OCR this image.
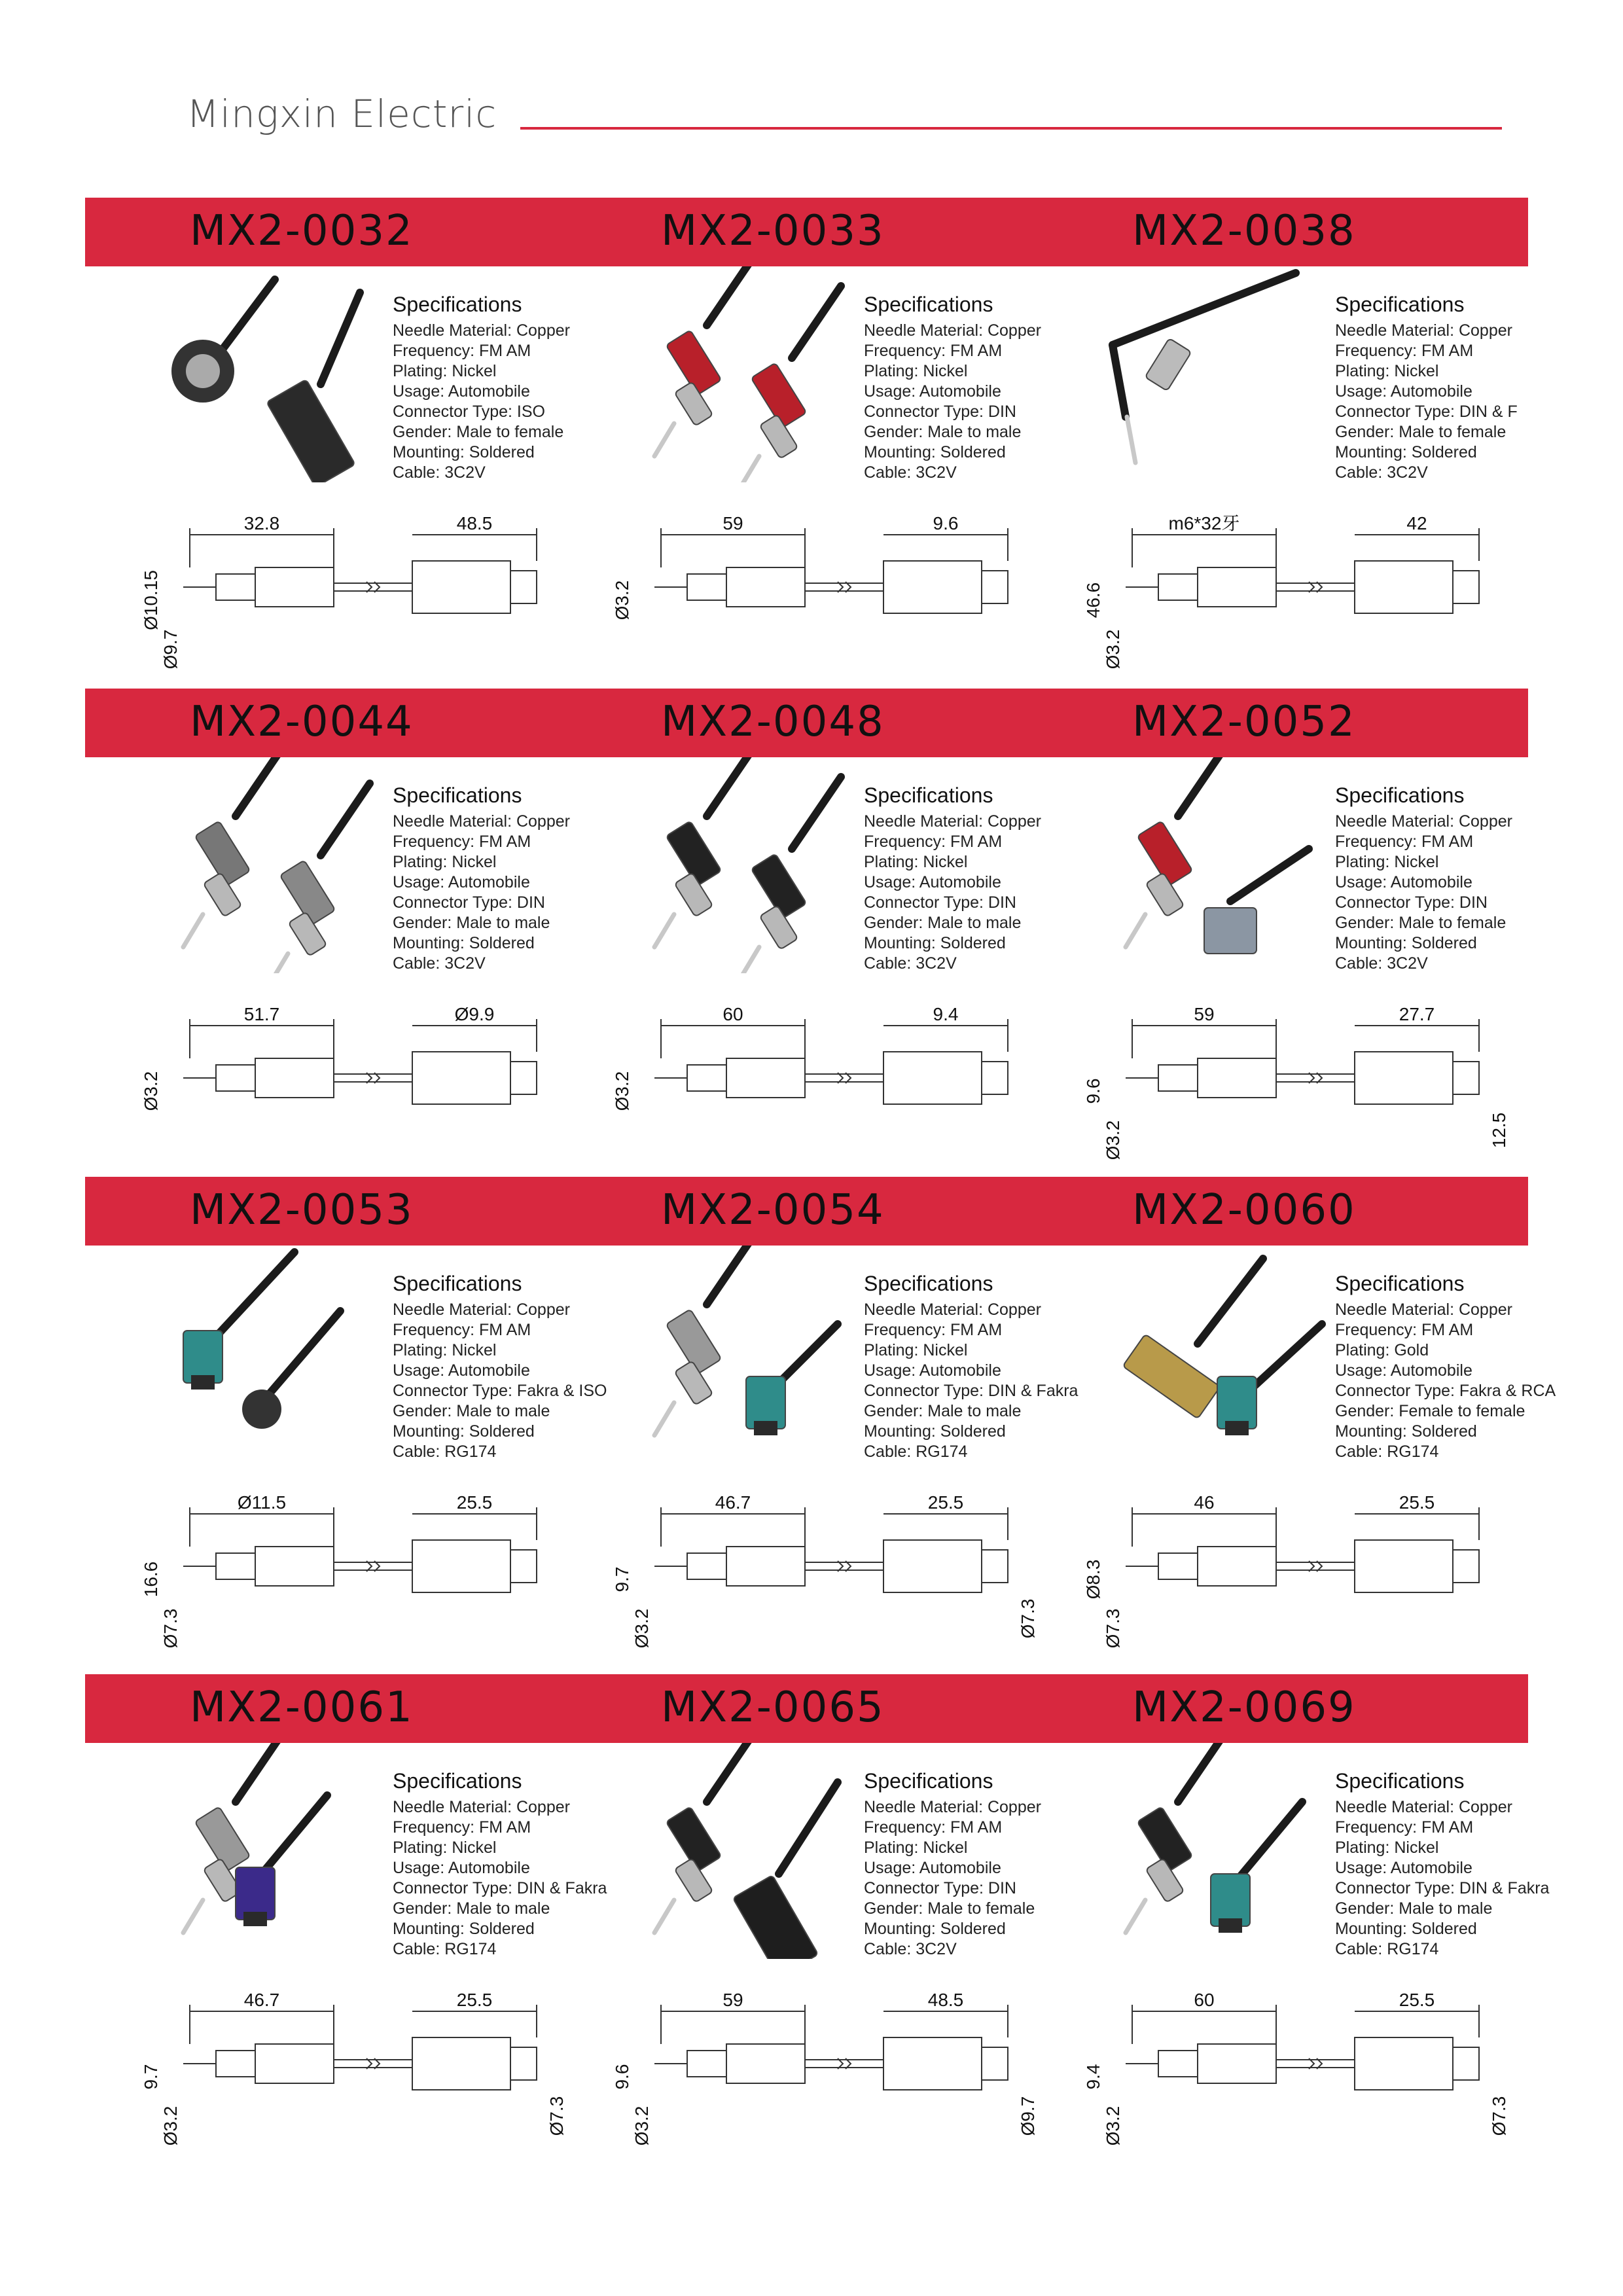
Mingxin Electric
MX2-0032	MX2-0033	MX2-0038
Specifications
Needle Material: Copper
Frequency: FM AM
Plating: Nickel
Usage: Automobile
Connector Type: ISO
Gender: Male to female
Mounting: Soldered
Cable: 3C2V
32.8	48.5
Ø10.15
Ø9.7
Specifications
Needle Material: Copper
Frequency: FM AM
Plating: Nickel
Usage: Automobile
Connector Type: DIN
Gender: Male to male
Mounting: Soldered
Cable: 3C2V
59	9.6
Ø3.2
Specifications
Needle Material: Copper
Frequency: FM AM
Plating: Nickel
Usage: Automobile
Connector Type: DIN & F
Gender: Male to female
Mounting: Soldered
Cable: 3C2V
m6*32牙	42
46.6
Ø3.2
MX2-0044	MX2-0048	MX2-0052
Specifications
Needle Material: Copper
Frequency: FM AM
Plating: Nickel
Usage: Automobile
Connector Type: DIN
Gender: Male to male
Mounting: Soldered
Cable: 3C2V
51.7	Ø9.9
Ø3.2
Specifications
Needle Material: Copper
Frequency: FM AM
Plating: Nickel
Usage: Automobile
Connector Type: DIN
Gender: Male to male
Mounting: Soldered
Cable: 3C2V
60	9.4
Ø3.2
Specifications
Needle Material: Copper
Frequency: FM AM
Plating: Nickel
Usage: Automobile
Connector Type: DIN
Gender: Male to female
Mounting: Soldered
Cable: 3C2V
59	27.7
9.6
Ø3.2	12.5
MX2-0053	MX2-0054	MX2-0060
Specifications
Needle Material: Copper
Frequency: FM AM
Plating: Nickel
Usage: Automobile
Connector Type: Fakra & ISO
Gender: Male to male
Mounting: Soldered
Cable: RG174
Ø11.5	25.5
16.6
Ø7.3
Specifications
Needle Material: Copper
Frequency: FM AM
Plating: Nickel
Usage: Automobile
Connector Type: DIN & Fakra
Gender: Male to male
Mounting: Soldered
Cable: RG174
46.7	25.5
9.7
Ø3.2	Ø7.3
Specifications
Needle Material: Copper
Frequency: FM AM
Plating: Gold
Usage: Automobile
Connector Type: Fakra & RCA
Gender: Female to female
Mounting: Soldered
Cable: RG174
46	25.5
Ø8.3
Ø7.3
MX2-0061	MX2-0065	MX2-0069
Specifications
Needle Material: Copper
Frequency: FM AM
Plating: Nickel
Usage: Automobile
Connector Type: DIN & Fakra
Gender: Male to male
Mounting: Soldered
Cable: RG174
46.7	25.5
9.7
Ø3.2	Ø7.3
Specifications
Needle Material: Copper
Frequency: FM AM
Plating: Nickel
Usage: Automobile
Connector Type: DIN
Gender: Male to female
Mounting: Soldered
Cable: 3C2V
59	48.5
9.6
Ø3.2	Ø9.7
Specifications
Needle Material: Copper
Frequency: FM AM
Plating: Nickel
Usage: Automobile
Connector Type: DIN & Fakra
Gender: Male to male
Mounting: Soldered
Cable: RG174
60	25.5
9.4
Ø3.2	Ø7.3
